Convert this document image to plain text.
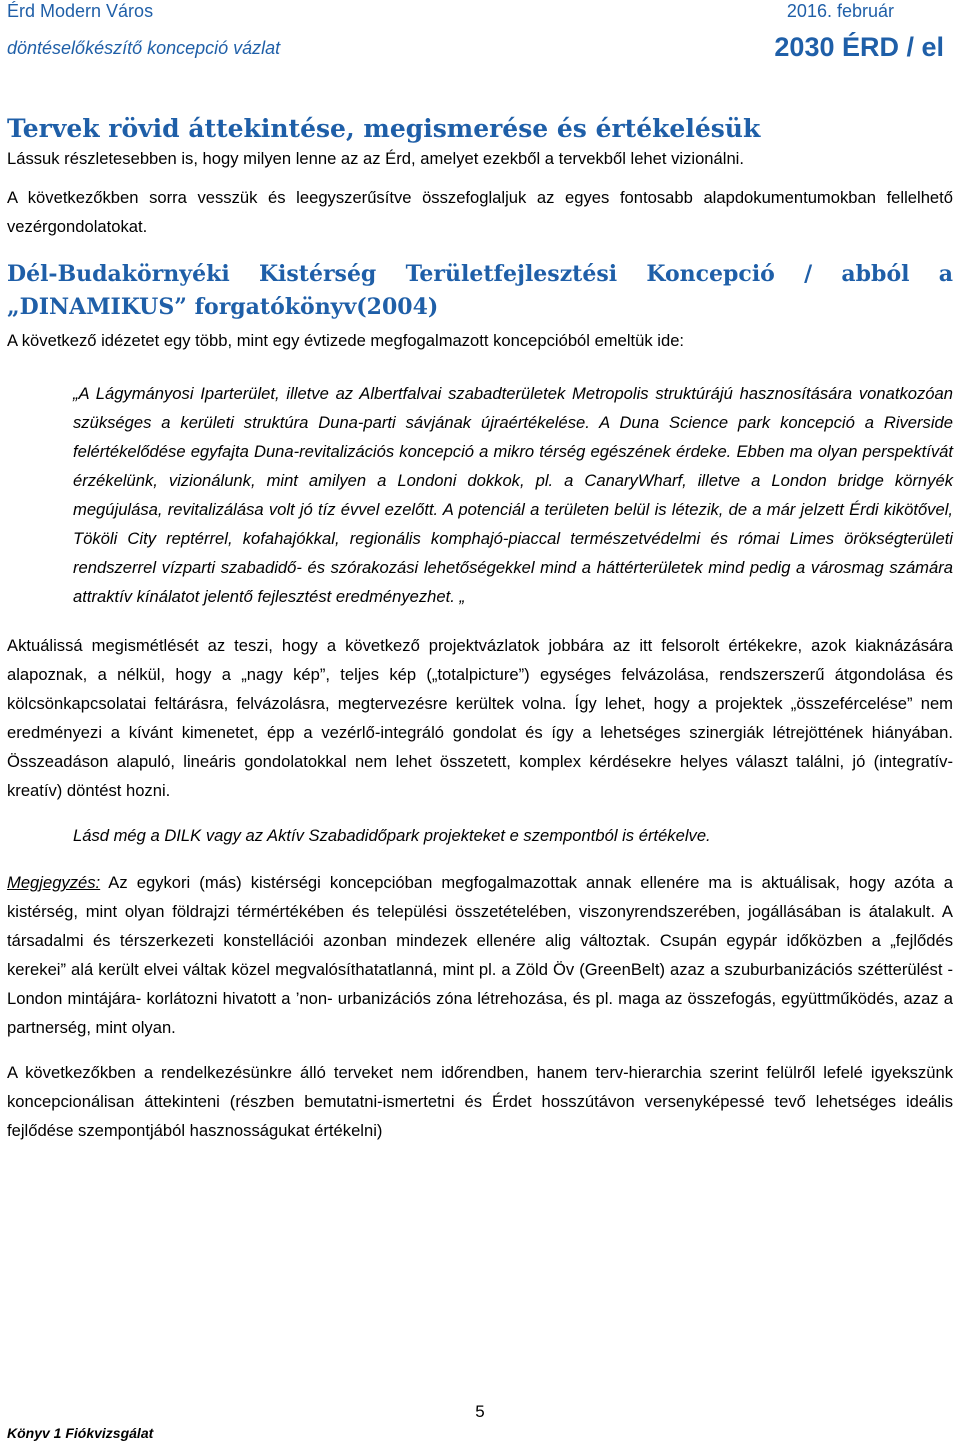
Érd Modern Város	2016. február
döntéselőkészítő koncepció vázlat	2030 ÉRD / el
Tervek rövid áttekintése, megismerése és értékelésük

Lássuk részletesebben is, hogy milyen lenne az az Érd, amelyet ezekből a tervekből lehet vizionálni.

A következőkben sorra vesszük és leegyszerűsítve összefoglaljuk az egyes fontosabb alapdokumentumokban fellelhető vezérgondolatokat.

Dél-Budakörnyéki Kistérség Területfejlesztési Koncepció / abból a „DINAMIKUS” forgatókönyv(2004)

A következő idézetet egy több, mint egy évtizede megfogalmazott koncepcióból emeltük ide:

„A Lágymányosi Iparterület, illetve az Albertfalvai szabadterületek Metropolis struktúrájú hasznosítására vonatkozóan szükséges a kerületi struktúra Duna-parti sávjának újraértékelése. A Duna Science park koncepció a Riverside felértékelődése egyfajta Duna-revitalizációs koncepció a mikro térség egészének érdeke. Ebben ma olyan perspektívát érzékelünk, vizionálunk, mint amilyen a Londoni dokkok, pl. a CanaryWharf, illetve a London bridge környék megújulása, revitalizálása volt jó tíz évvel ezelőtt. A potenciál a területen belül is létezik, de a már jelzett Érdi kikötővel, Tököli City reptérrel, kofahajókkal, regionális komphajó-piaccal természetvédelmi és római Limes örökségterületi rendszerrel vízparti szabadidő- és szórakozási lehetőségekkel mind a háttérterületek mind pedig a városmag számára attraktív kínálatot jelentő fejlesztést eredményezhet. „

Aktuálissá megismétlését az teszi, hogy a következő projektvázlatok jobbára az itt felsorolt értékekre, azok kiaknázására alapoznak, a nélkül, hogy a „nagy kép”, teljes kép („totalpicture”) egységes felvázolása, rendszerszerű átgondolása és kölcsönkapcsolatai feltárásra, felvázolásra, megtervezésre kerültek volna. Így lehet, hogy a projektek „összefércelése” nem eredményezi a kívánt kimenetet, épp a vezérlő-integráló gondolat és így a lehetséges szinergiák létrejöttének hiányában. Összeadáson alapuló, lineáris gondolatokkal nem lehet összetett, komplex kérdésekre helyes választ találni, jó (integratív-kreatív) döntést hozni.

Lásd még a DILK vagy az Aktív Szabadidőpark projekteket e szempontból is értékelve.

Megjegyzés: Az egykori (más) kistérségi koncepcióban megfogalmazottak annak ellenére ma is aktuálisak, hogy azóta a kistérség, mint olyan földrajzi térmértékében és települési összetételében, viszonyrendszerében, jogállásában is átalakult. A társadalmi és térszerkezeti konstellációi azonban mindezek ellenére alig változtak. Csupán egypár időközben a „fejlődés kerekei” alá került elvei váltak közel megvalósíthatatlanná, mint pl. a Zöld Öv (GreenBelt) azaz a szuburbanizációs szétterülést - London mintájára- korlátozni hivatott a ’non- urbanizációs zóna létrehozása, és pl. maga az összefogás, együttműködés, azaz a partnerség, mint olyan.

A következőkben a rendelkezésünkre álló terveket nem időrendben, hanem terv-hierarchia szerint felülről lefelé igyekszünk koncepcionálisan áttekinteni (részben bemutatni-ismertetni és Érdet hosszútávon versenyképessé tevő lehetséges ideális fejlődése szempontjából hasznosságukat értékelni)

5
Könyv 1 Fiókvizsgálat
